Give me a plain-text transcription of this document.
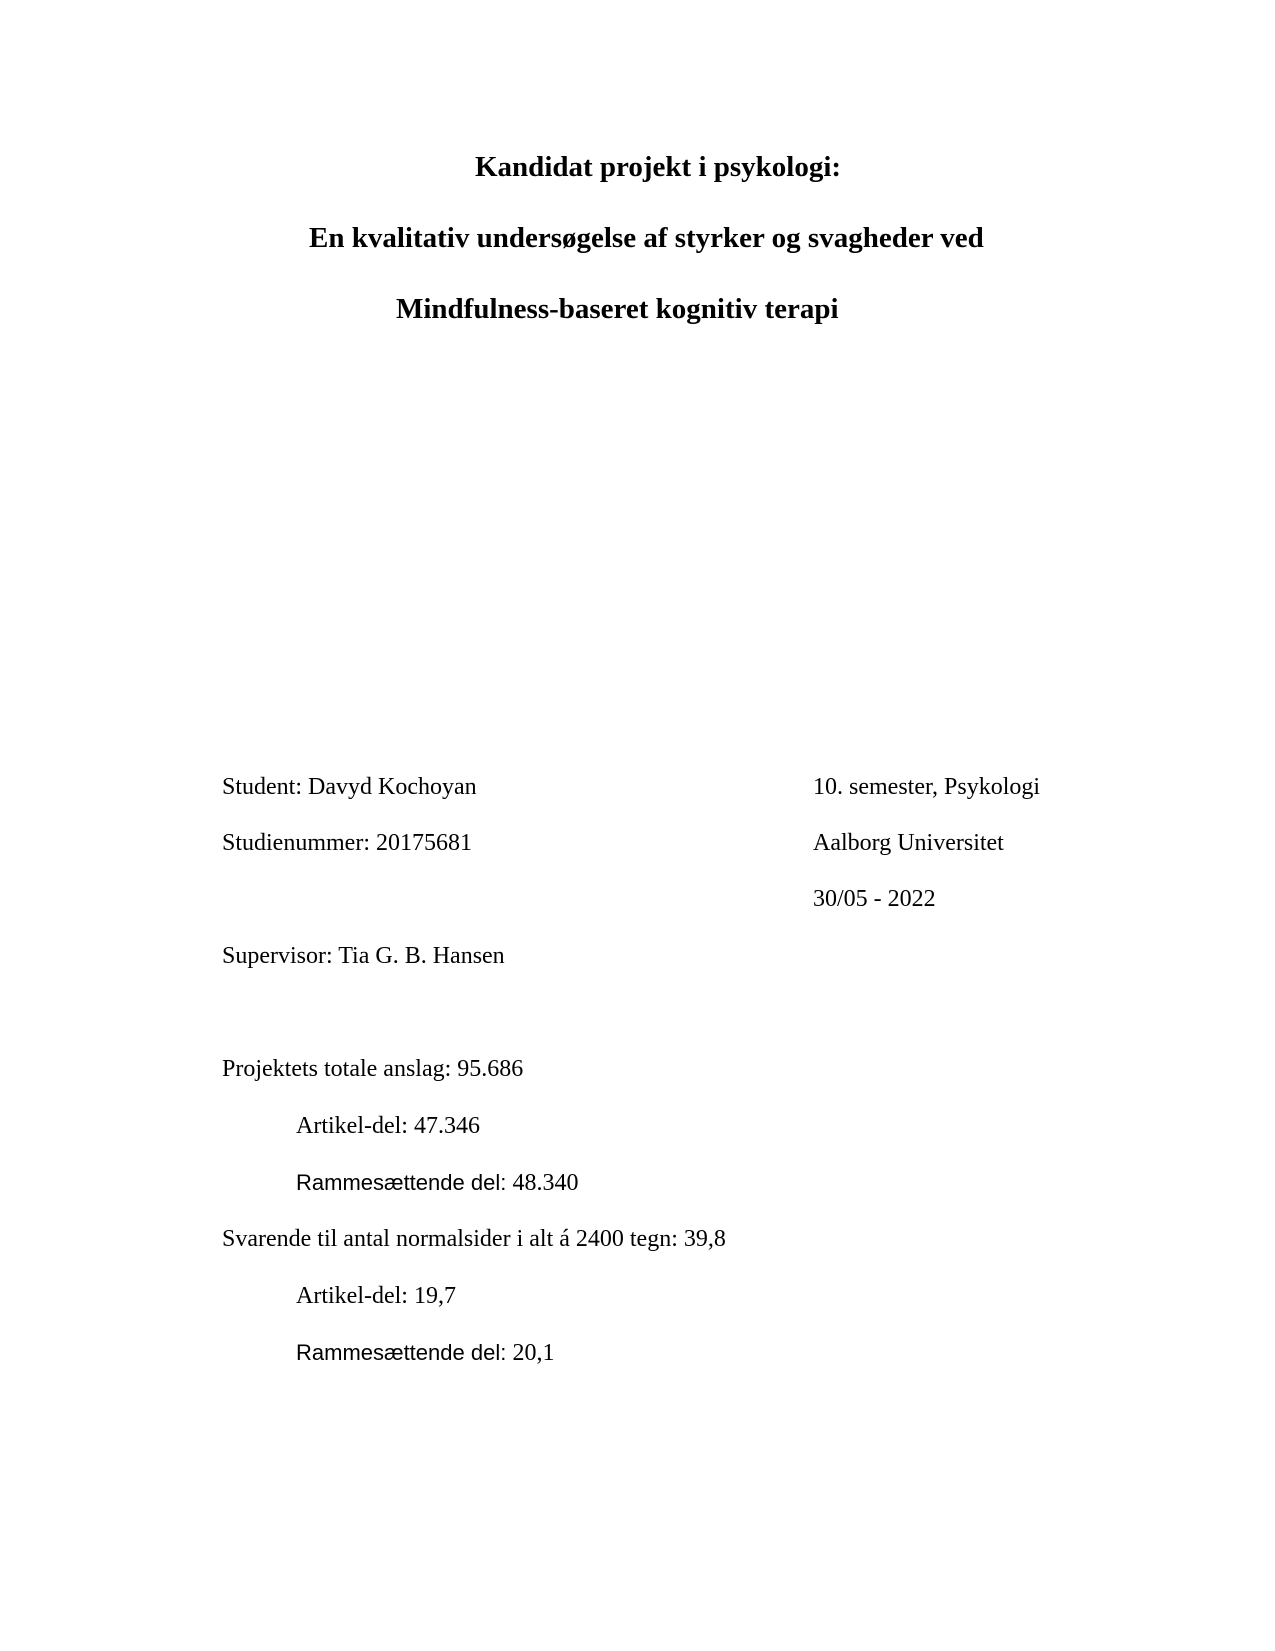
Kandidat projekt i psykologi:
En kvalitativ undersøgelse af styrker og svagheder ved
Mindfulness-baseret kognitiv terapi
Student: Davyd Kochoyan
Studienummer: 20175681
Supervisor: Tia G. B. Hansen
10. semester, Psykologi
Aalborg Universitet
30/05 - 2022
Projektets totale anslag: 95.686
Artikel-del: 47.346
Rammesættende del: 48.340
Svarende til antal normalsider i alt á 2400 tegn: 39,8
Artikel-del: 19,7
Rammesættende del: 20,1
